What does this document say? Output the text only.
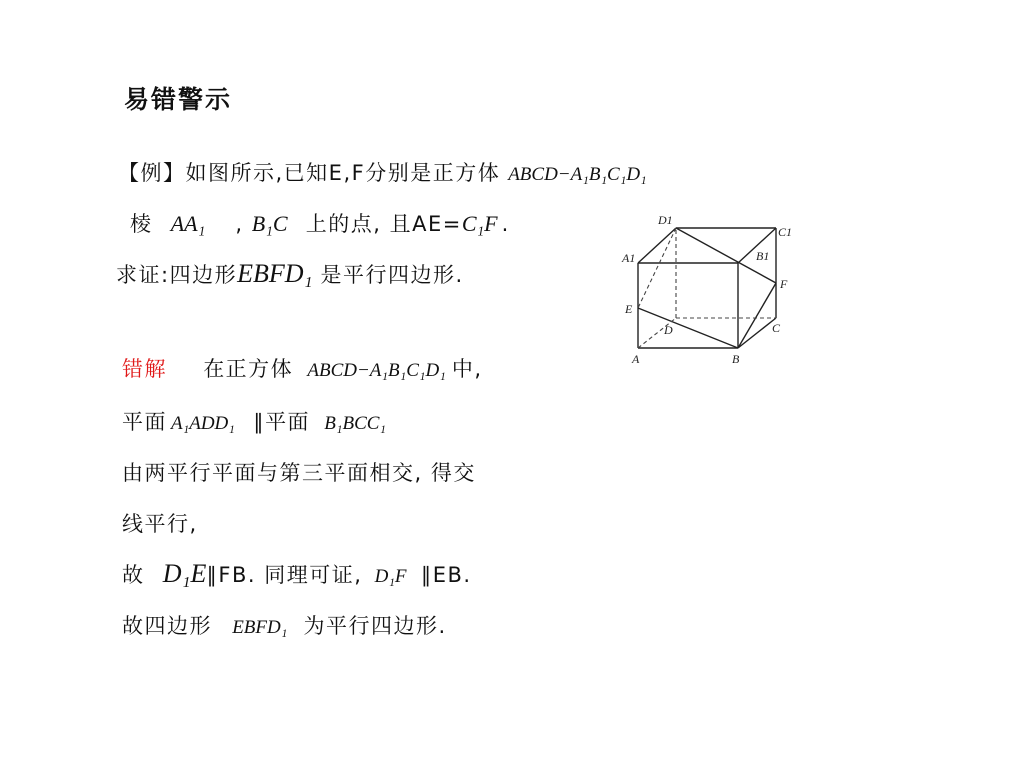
易错警示
【例】如图所示,已知E,F分别是正方体 ABCD−A₁B₁C₁D₁
棱 AA₁ , B₁C 上的点, 且AE=C₁F .
求证:四边形EBFD₁ 是平行四边形.
错解 在正方体 ABCD−A₁B₁C₁D₁ 中,
平面 A₁ADD₁ ∥平面 B₁BCC₁
由两平行平面与第三平面相交, 得交
线平行,
故 D₁E∥FB. 同理可证, D₁F ∥EB.
故四边形 EBFD₁ 为平行四边形.
D1
C1
A1	B1
F
E
D	C
A	B
